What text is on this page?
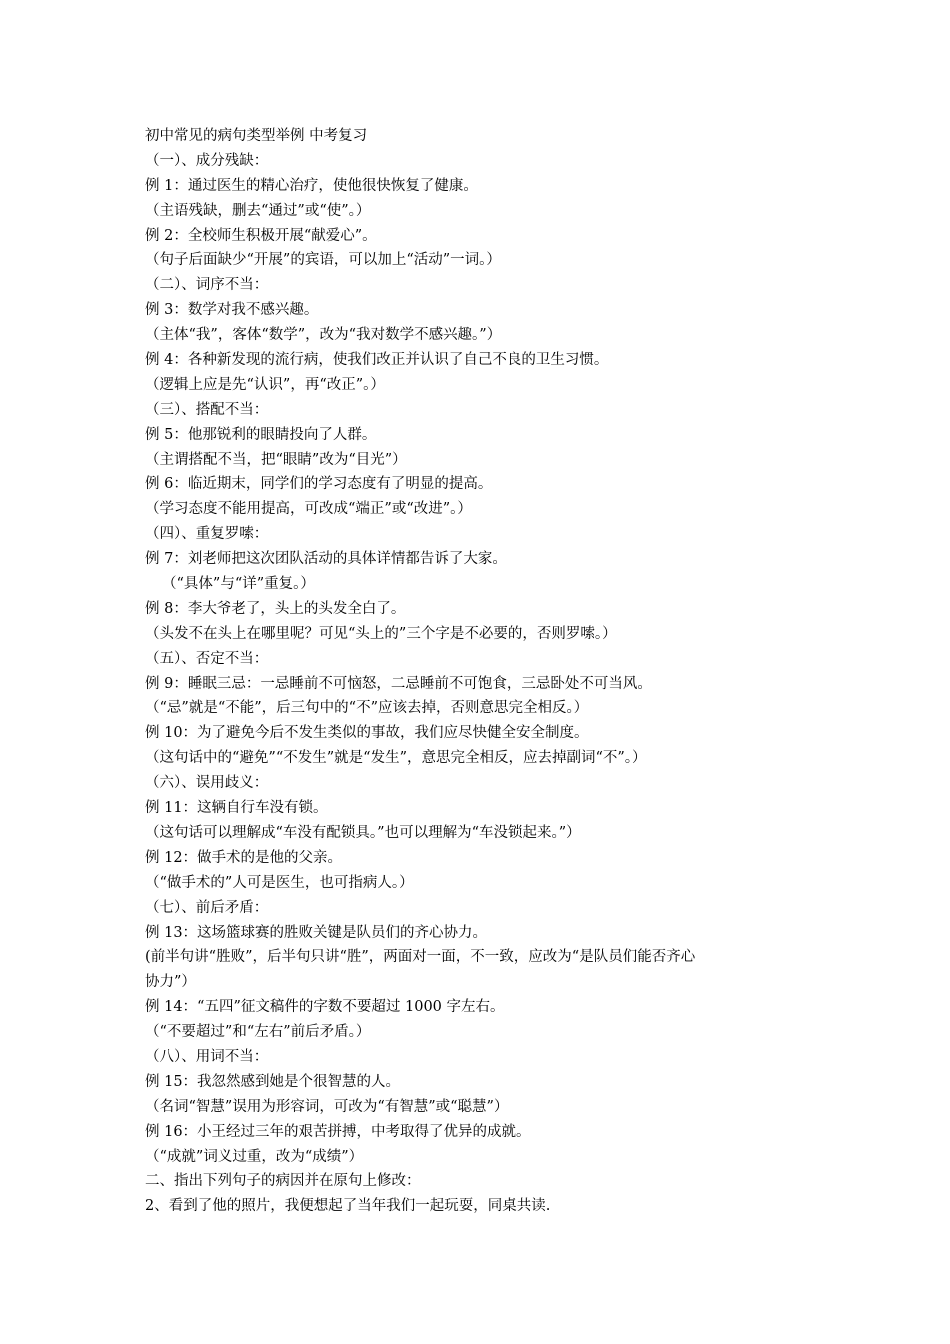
初中常见的病句类型举例 中考复习
（一）、成分残缺：
例 1：通过医生的精心治疗，使他很快恢复了健康。
（主语残缺，删去“通过”或“使”。）
例 2：全校师生积极开展“献爱心”。
（句子后面缺少“开展”的宾语，可以加上“活动”一词。）
（二）、词序不当：
例 3：数学对我不感兴趣。
（主体“我”，客体“数学”，改为“我对数学不感兴趣。”）
例 4：各种新发现的流行病，使我们改正并认识了自己不良的卫生习惯。
（逻辑上应是先“认识”，再“改正”。）
（三）、搭配不当：
例 5：他那锐利的眼睛投向了人群。
（主谓搭配不当，把“眼睛”改为“目光”）
例 6：临近期末，同学们的学习态度有了明显的提高。
（学习态度不能用提高，可改成“端正”或“改进”。）
（四）、重复罗嗦：
例 7：刘老师把这次团队活动的具体详情都告诉了大家。
（“具体”与“详”重复。）
例 8：李大爷老了，头上的头发全白了。
（头发不在头上在哪里呢？可见“头上的”三个字是不必要的，否则罗嗦。）
（五）、否定不当：
例 9：睡眠三忌：一忌睡前不可恼怒，二忌睡前不可饱食，三忌卧处不可当风。
（“忌”就是“不能”，后三句中的“不”应该去掉，否则意思完全相反。）
例 10：为了避免今后不发生类似的事故，我们应尽快健全安全制度。
（这句话中的“避免”“不发生”就是“发生”，意思完全相反，应去掉副词“不”。）
（六）、误用歧义：
例 11：这辆自行车没有锁。
（这句话可以理解成“车没有配锁具。”也可以理解为“车没锁起来。”）
例 12：做手术的是他的父亲。
（“做手术的”人可是医生，也可指病人。）
（七）、前后矛盾：
例 13：这场篮球赛的胜败关键是队员们的齐心协力。
(前半句讲“胜败”，后半句只讲“胜”，两面对一面，不一致，应改为“是队员们能否齐心
协力”）
例 14：“五四”征文稿件的字数不要超过 1000 字左右。
（“不要超过”和“左右”前后矛盾。）
（八）、用词不当：
例 15：我忽然感到她是个很智慧的人。
（名词“智慧”误用为形容词，可改为“有智慧”或“聪慧”）
例 16：小王经过三年的艰苦拼搏，中考取得了优异的成就。
（“成就”词义过重，改为“成绩”）
二、指出下列句子的病因并在原句上修改：
2、看到了他的照片，我便想起了当年我们一起玩耍，同桌共读.
